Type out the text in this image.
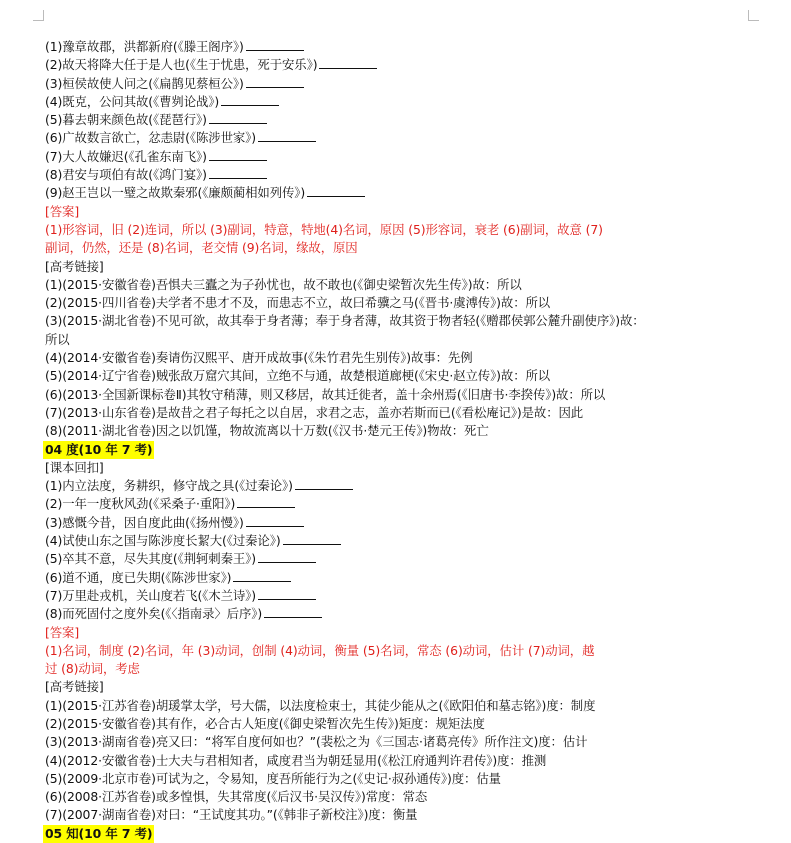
(1)豫章故郡，洪都新府(《滕王阁序》)
(2)故天将降大任于是人也(《生于忧患，死于安乐》)
(3)桓侯故使人问之(《扁鹊见蔡桓公》)
(4)既克，公问其故(《曹刿论战》)
(5)暮去朝来颜色故(《琵琶行》)
(6)广故数言欲亡，忿恚尉(《陈涉世家》)
(7)大人故嫌迟(《孔雀东南飞》)
(8)君安与项伯有故(《鸿门宴》)
(9)赵王岂以一璧之故欺秦邪(《廉颇蔺相如列传》)
[答案]
(1)形容词，旧 (2)连词，所以 (3)副词，特意，特地(4)名词，原因 (5)形容词，衰老 (6)副词，故意 (7)
副词，仍然，还是 (8)名词，老交情 (9)名词，缘故，原因
[高考链接]
(1)(2015·安徽省卷)吾惧夫三蠹之为子孙忧也，故不敢也(《御史梁暂次先生传》)故：所以
(2)(2015·四川省卷)夫学者不患才不及，而患志不立，故曰希骥之马(《晋书·虞溥传》)故：所以
(3)(2015·湖北省卷)不见可欲，故其奉于身者薄；奉于身者薄，故其资于物者轻(《赠郡侯郭公麓升副使序》)故：
所以
(4)(2014·安徽省卷)奏请伤汉熙平、唐开成故事(《朱竹君先生别传》)故事：先例
(5)(2014·辽宁省卷)贼张敌万窟穴其间，立绝不与通，故楚根道廊梗(《宋史·赵立传》)故：所以
(6)(2013·全国新课标卷Ⅱ)其牧守稍薄，则又移居，故其迁徙者，盖十余州焉(《旧唐书·李揆传》)故：所以
(7)(2013·山东省卷)是故昔之君子每托之以自居，求君之志，盖亦若斯而已(《看松庵记》)是故：因此
(8)(2011·湖北省卷)因之以饥馑，物故流离以十万数(《汉书·楚元王传》)物故：死亡
04 度(10 年 7 考)
[课本回扣]
(1)内立法度，务耕织，修守战之具(《过秦论》)
(2)一年一度秋风劲(《采桑子·重阳》)
(3)感慨今昔，因自度此曲(《扬州慢》)
(4)试使山东之国与陈涉度长絜大(《过秦论》)
(5)卒其不意，尽失其度(《荆轲刺秦王》)
(6)道不通，度已失期(《陈涉世家》)
(7)万里赴戎机，关山度若飞(《木兰诗》)
(8)而死固付之度外矣(《〈指南录〉后序》)
[答案]
(1)名词，制度 (2)名词，年 (3)动词，创制 (4)动词，衡量 (5)名词，常态 (6)动词，估计 (7)动词，越
过 (8)动词，考虑
[高考链接]
(1)(2015·江苏省卷)胡瑗掌太学，号大儒，以法度检束士，其徒少能从之(《欧阳伯和墓志铭》)度：制度
(2)(2015·安徽省卷)其有作，必合古人矩度(《御史梁暂次先生传》)矩度：规矩法度
(3)(2013·湖南省卷)亮又曰：“将军自度何如也？”(裴松之为《三国志·诸葛亮传》所作注文)度：估计
(4)(2012·安徽省卷)士大夫与君相知者，咸度君当为朝廷显用(《松江府通判许君传》)度：推测
(5)(2009·北京市卷)可试为之，令易知，度吾所能行为之(《史记·叔孙通传》)度：估量
(6)(2008·江苏省卷)或多惶惧，失其常度(《后汉书·吴汉传》)常度：常态
(7)(2007·湖南省卷)对曰：“王试度其功。”(《韩非子新校注》)度：衡量
05 知(10 年 7 考)
